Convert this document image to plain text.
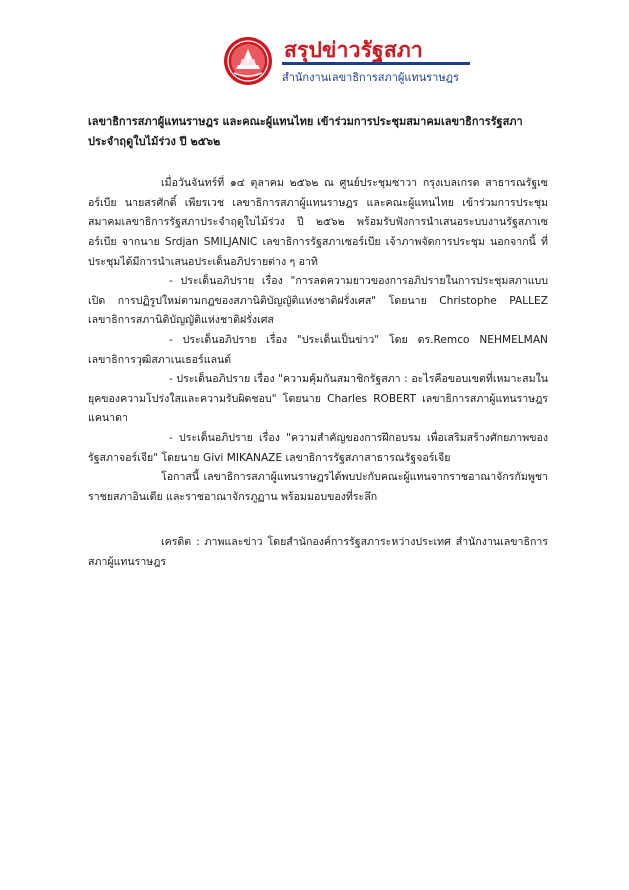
สรุปข่าวรัฐสภา
สำนักงานเลขาธิการสภาผู้แทนราษฎร

เลขาธิการสภาผู้แทนราษฎร และคณะผู้แทนไทย เข้าร่วมการประชุมสมาคมเลขาธิการรัฐสภาประจำฤดูใบไม้ร่วง ปี ๒๕๖๒

เมื่อวันจันทร์ที่ ๑๔ ตุลาคม ๒๕๖๒ ณ ศูนย์ประชุมซาวา กรุงเบลเกรด สาธารณรัฐเซอร์เบีย นายสรศักดิ์ เพียรเวช เลขาธิการสภาผู้แทนราษฎร และคณะผู้แทนไทย เข้าร่วมการประชุมสมาคมเลขาธิการรัฐสภาประจำฤดูใบไม้ร่วง ปี ๒๕๖๒ พร้อมรับฟังการนำเสนอระบบงานรัฐสภาเซอร์เบีย จากนาย Srdjan SMILJANIC เลขาธิการรัฐสภาเซอร์เบีย เจ้าภาพจัดการประชุม นอกจากนี้ ที่ประชุมได้มีการนำเสนอประเด็นอภิปรายต่าง ๆ อาทิ

- ประเด็นอภิปราย เรื่อง "การลดความยาวของการอภิปรายในการประชุมสภาแบบเปิด การปฏิรูปใหม่ตามกฎของสภานิติบัญญัติแห่งชาติฝรั่งเศส" โดยนาย Christophe PALLEZ เลขาธิการสภานิติบัญญัติแห่งชาติฝรั่งเศส

- ประเด็นอภิปราย เรื่อง "ประเด็นเป็นข่าว" โดย ดร.Remco NEHMELMAN เลขาธิการวุฒิสภาเนเธอร์แลนด์

- ประเด็นอภิปราย เรื่อง "ความคุ้มกันสมาชิกรัฐสภา : อะไรคือขอบเขตที่เหมาะสมในยุคของความโปร่งใสและความรับผิดชอบ" โดยนาย Charles ROBERT เลขาธิการสภาผู้แทนราษฎรแคนาดา

- ประเด็นอภิปราย เรื่อง "ความสำคัญของการฝึกอบรม เพื่อเสริมสร้างศักยภาพของรัฐสภาจอร์เจีย" โดยนาย Givi MIKANAZE เลขาธิการรัฐสภาสาธารณรัฐจอร์เจีย

โอกาสนี้ เลขาธิการสภาผู้แทนราษฎรได้พบปะกับคณะผู้แทนจากราชอาณาจักรกัมพูชา ราชยสภาอินเดีย และราชอาณาจักรภูฏาน พร้อมมอบของที่ระลึก

เครดิต : ภาพและข่าว โดยสำนักองค์การรัฐสภาระหว่างประเทศ สำนักงานเลขาธิการสภาผู้แทนราษฎร
